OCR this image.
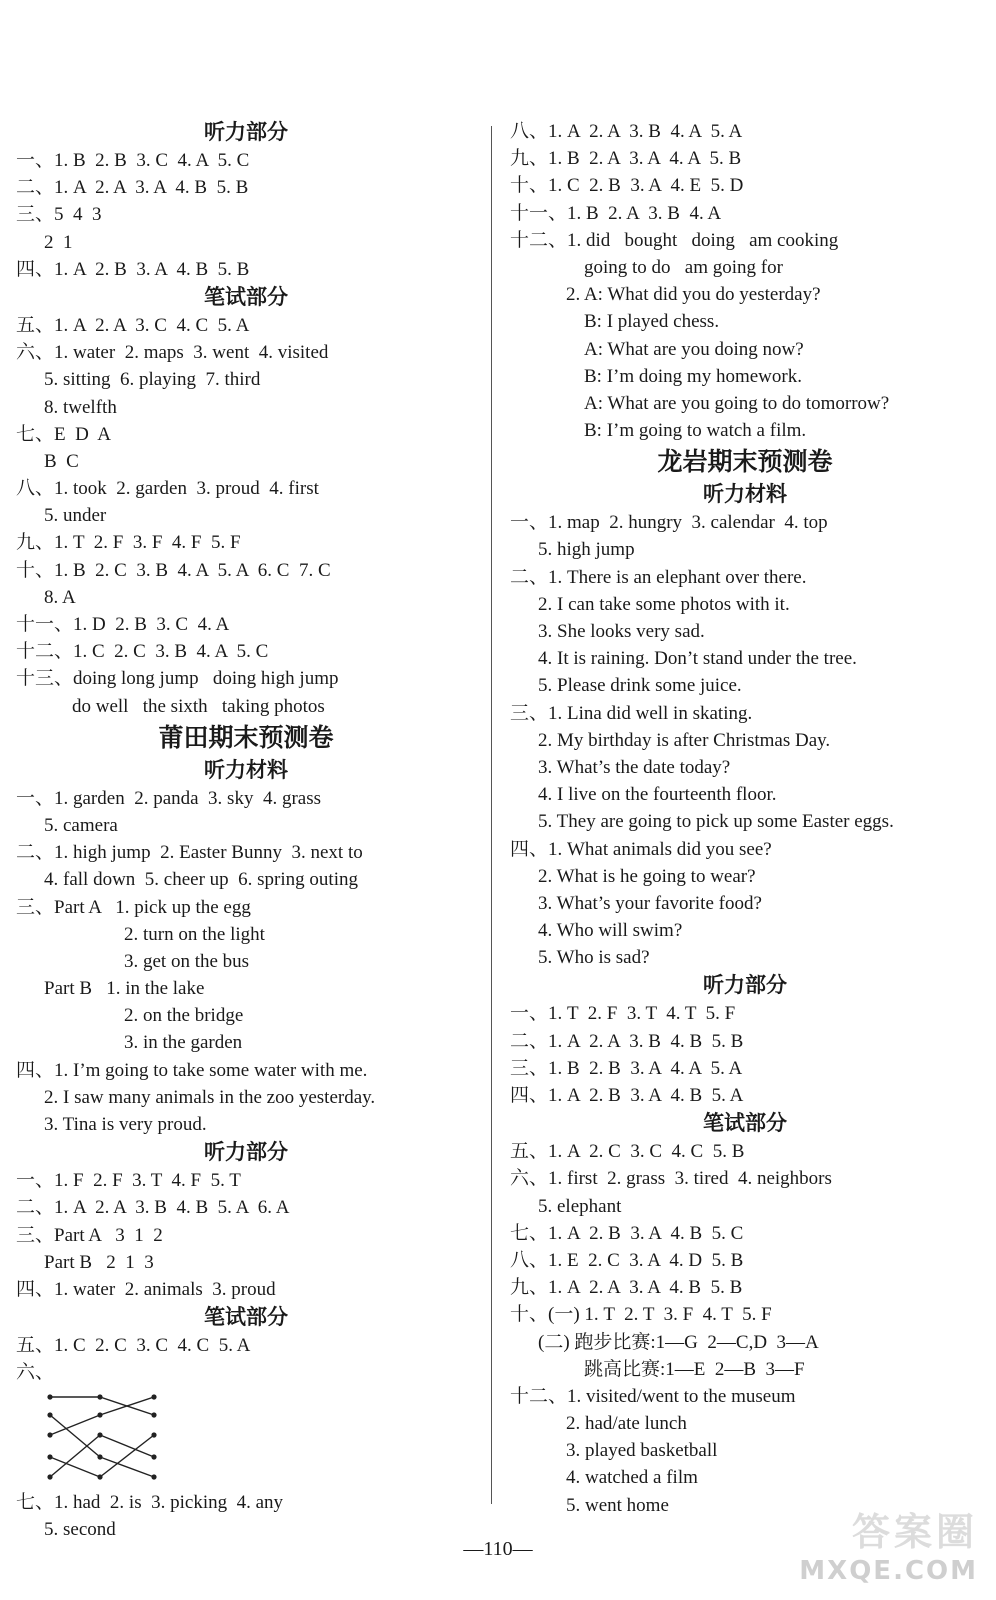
听力部分
一、1. B  2. B  3. C  4. A  5. C
二、1. A  2. A  3. A  4. B  5. B
三、5  4  3
2  1
四、1. A  2. B  3. A  4. B  5. B
笔试部分
五、1. A  2. A  3. C  4. C  5. A
六、1. water  2. maps  3. went  4. visited
5. sitting  6. playing  7. third
8. twelfth
七、E  D  A
B  C
八、1. took  2. garden  3. proud  4. first
5. under
九、1. T  2. F  3. F  4. F  5. F
十、1. B  2. C  3. B  4. A  5. A  6. C  7. C
8. A
十一、1. D  2. B  3. C  4. A
十二、1. C  2. C  3. B  4. A  5. C
十三、doing long jump   doing high jump
do well   the sixth   taking photos
莆田期末预测卷
听力材料
一、1. garden  2. panda  3. sky  4. grass
5. camera
二、1. high jump  2. Easter Bunny  3. next to
4. fall down  5. cheer up  6. spring outing
三、Part A   1. pick up the egg
2. turn on the light
3. get on the bus
Part B   1. in the lake
2. on the bridge
3. in the garden
四、1. I’m going to take some water with me.
2. I saw many animals in the zoo yesterday.
3. Tina is very proud.
听力部分
一、1. F  2. F  3. T  4. F  5. T
二、1. A  2. A  3. B  4. B  5. A  6. A
三、Part A   3  1  2
Part B   2  1  3
四、1. water  2. animals  3. proud
笔试部分
五、1. C  2. C  3. C  4. C  5. A
六、
七、1. had  2. is  3. picking  4. any
5. second
八、1. A  2. A  3. B  4. A  5. A
九、1. B  2. A  3. A  4. A  5. B
十、1. C  2. B  3. A  4. E  5. D
十一、1. B  2. A  3. B  4. A
十二、1. did   bought   doing   am cooking
going to do   am going for
2. A: What did you do yesterday?
B: I played chess.
A: What are you doing now?
B: I’m doing my homework.
A: What are you going to do tomorrow?
B: I’m going to watch a film.
龙岩期末预测卷
听力材料
一、1. map  2. hungry  3. calendar  4. top
5. high jump
二、1. There is an elephant over there.
2. I can take some photos with it.
3. She looks very sad.
4. It is raining. Don’t stand under the tree.
5. Please drink some juice.
三、1. Lina did well in skating.
2. My birthday is after Christmas Day.
3. What’s the date today?
4. I live on the fourteenth floor.
5. They are going to pick up some Easter eggs.
四、1. What animals did you see?
2. What is he going to wear?
3. What’s your favorite food?
4. Who will swim?
5. Who is sad?
听力部分
一、1. T  2. F  3. T  4. T  5. F
二、1. A  2. A  3. B  4. B  5. B
三、1. B  2. B  3. A  4. A  5. A
四、1. A  2. B  3. A  4. B  5. A
笔试部分
五、1. A  2. C  3. C  4. C  5. B
六、1. first  2. grass  3. tired  4. neighbors
5. elephant
七、1. A  2. B  3. A  4. B  5. C
八、1. E  2. C  3. A  4. D  5. B
九、1. A  2. A  3. A  4. B  5. B
十、(一) 1. T  2. T  3. F  4. T  5. F
(二) 跑步比赛:1—G  2—C,D  3—A
跳高比赛:1—E  2—B  3—F
十二、1. visited/went to the museum
2. had/ate lunch
3. played basketball
4. watched a film
5. went home
—110—	答案圈
MXQE.COM
